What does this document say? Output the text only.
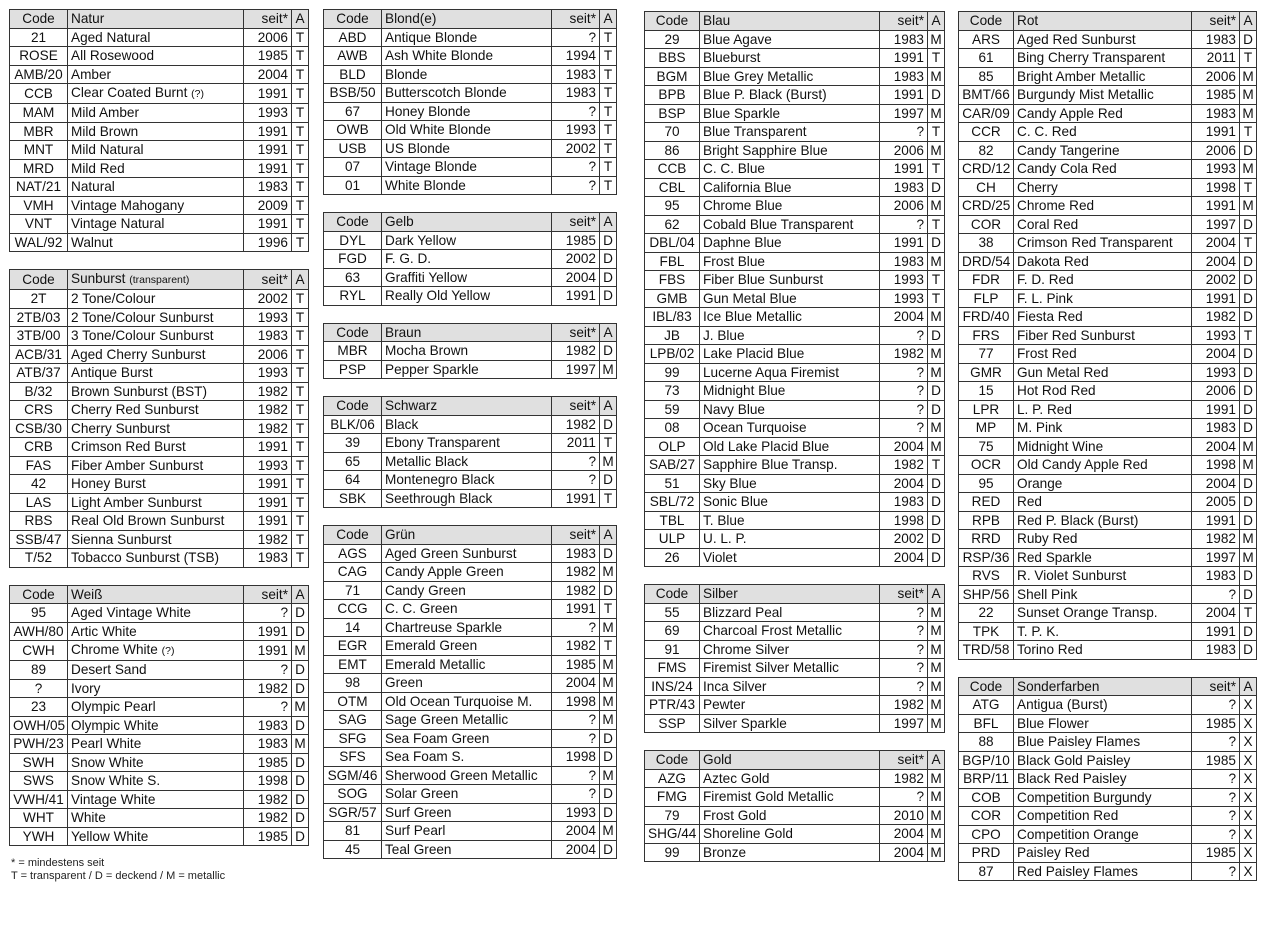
Code	Natur	seit*	A
21	Aged Natural	2006	T
ROSE	All Rosewood	1985	T
AMB/20	Amber	2004	T
CCB	Clear Coated Burnt (?)	1991	T
MAM	Mild Amber	1993	T
MBR	Mild Brown	1991	T
MNT	Mild Natural	1991	T
MRD	Mild Red	1991	T
NAT/21	Natural	1983	T
VMH	Vintage Mahogany	2009	T
VNT	Vintage Natural	1991	T
WAL/92	Walnut	1996	T
Code	Sunburst (transparent)	seit*	A
2T	2 Tone/Colour	2002	T
2TB/03	2 Tone/Colour Sunburst	1993	T
3TB/00	3 Tone/Colour Sunburst	1983	T
ACB/31	Aged Cherry Sunburst	2006	T
ATB/37	Antique Burst	1993	T
B/32	Brown Sunburst (BST)	1982	T
CRS	Cherry Red Sunburst	1982	T
CSB/30	Cherry Sunburst	1982	T
CRB	Crimson Red Burst	1991	T
FAS	Fiber Amber Sunburst	1993	T
42	Honey Burst	1991	T
LAS	Light Amber Sunburst	1991	T
RBS	Real Old Brown Sunburst	1991	T
SSB/47	Sienna Sunburst	1982	T
T/52	Tobacco Sunburst (TSB)	1983	T
Code	Weiß	seit*	A
95	Aged Vintage White	?	D
AWH/80	Artic White	1991	D
CWH	Chrome White (?)	1991	M
89	Desert Sand	?	D
?	Ivory	1982	D
23	Olympic Pearl	?	M
OWH/05	Olympic White	1983	D
PWH/23	Pearl White	1983	M
SWH	Snow White	1985	D
SWS	Snow White S.	1998	D
VWH/41	Vintage White	1982	D
WHT	White	1982	D
YWH	Yellow White	1985	D
Code	Blond(e)	seit*	A
ABD	Antique Blonde	?	T
AWB	Ash White Blonde	1994	T
BLD	Blonde	1983	T
BSB/50	Butterscotch Blonde	1983	T
67	Honey Blonde	?	T
OWB	Old White Blonde	1993	T
USB	US Blonde	2002	T
07	Vintage Blonde	?	T
01	White Blonde	?	T
Code	Gelb	seit*	A
DYL	Dark Yellow	1985	D
FGD	F. G. D.	2002	D
63	Graffiti Yellow	2004	D
RYL	Really Old Yellow	1991	D
Code	Braun	seit*	A
MBR	Mocha Brown	1982	D
PSP	Pepper Sparkle	1997	M
Code	Schwarz	seit*	A
BLK/06	Black	1982	D
39	Ebony Transparent	2011	T
65	Metallic Black	?	M
64	Montenegro Black	?	D
SBK	Seethrough Black	1991	T
Code	Grün	seit*	A
AGS	Aged Green Sunburst	1983	D
CAG	Candy Apple Green	1982	M
71	Candy Green	1982	D
CCG	C. C. Green	1991	T
14	Chartreuse Sparkle	?	M
EGR	Emerald Green	1982	T
EMT	Emerald Metallic	1985	M
98	Green	2004	M
OTM	Old Ocean Turquoise M.	1998	M
SAG	Sage Green Metallic	?	M
SFG	Sea Foam Green	?	D
SFS	Sea Foam S.	1998	D
SGM/46	Sherwood Green Metallic	?	M
SOG	Solar Green	?	D
SGR/57	Surf Green	1993	D
81	Surf Pearl	2004	M
45	Teal Green	2004	D
Code	Blau	seit*	A
29	Blue Agave	1983	M
BBS	Blueburst	1991	T
BGM	Blue Grey Metallic	1983	M
BPB	Blue P. Black (Burst)	1991	D
BSP	Blue Sparkle	1997	M
70	Blue Transparent	?	T
86	Bright Sapphire Blue	2006	M
CCB	C. C. Blue	1991	T
CBL	California Blue	1983	D
95	Chrome Blue	2006	M
62	Cobald Blue Transparent	?	T
DBL/04	Daphne Blue	1991	D
FBL	Frost Blue	1983	M
FBS	Fiber Blue Sunburst	1993	T
GMB	Gun Metal Blue	1993	T
IBL/83	Ice Blue Metallic	2004	M
JB	J. Blue	?	D
LPB/02	Lake Placid Blue	1982	M
99	Lucerne Aqua Firemist	?	M
73	Midnight Blue	?	D
59	Navy Blue	?	D
08	Ocean Turquoise	?	M
OLP	Old Lake Placid Blue	2004	M
SAB/27	Sapphire Blue Transp.	1982	T
51	Sky Blue	2004	D
SBL/72	Sonic Blue	1983	D
TBL	T. Blue	1998	D
ULP	U. L. P.	2002	D
26	Violet	2004	D
Code	Silber	seit*	A
55	Blizzard Peal	?	M
69	Charcoal Frost Metallic	?	M
91	Chrome Silver	?	M
FMS	Firemist Silver Metallic	?	M
INS/24	Inca Silver	?	M
PTR/43	Pewter	1982	M
SSP	Silver Sparkle	1997	M
Code	Gold	seit*	A
AZG	Aztec Gold	1982	M
FMG	Firemist Gold Metallic	?	M
79	Frost Gold	2010	M
SHG/44	Shoreline Gold	2004	M
99	Bronze	2004	M
Code	Rot	seit*	A
ARS	Aged Red Sunburst	1983	D
61	Bing Cherry Transparent	2011	T
85	Bright Amber Metallic	2006	M
BMT/66	Burgundy Mist Metallic	1985	M
CAR/09	Candy Apple Red	1983	M
CCR	C. C. Red	1991	T
82	Candy Tangerine	2006	D
CRD/12	Candy Cola Red	1993	M
CH	Cherry	1998	T
CRD/25	Chrome Red	1991	M
COR	Coral Red	1997	D
38	Crimson Red Transparent	2004	T
DRD/54	Dakota Red	2004	D
FDR	F. D. Red	2002	D
FLP	F. L. Pink	1991	D
FRD/40	Fiesta Red	1982	D
FRS	Fiber Red Sunburst	1993	T
77	Frost Red	2004	D
GMR	Gun Metal Red	1993	D
15	Hot Rod Red	2006	D
LPR	L. P. Red	1991	D
MP	M. Pink	1983	D
75	Midnight Wine	2004	M
OCR	Old Candy Apple Red	1998	M
95	Orange	2004	D
RED	Red	2005	D
RPB	Red P. Black (Burst)	1991	D
RRD	Ruby Red	1982	M
RSP/36	Red Sparkle	1997	M
RVS	R. Violet Sunburst	1983	D
SHP/56	Shell Pink	?	D
22	Sunset Orange Transp.	2004	T
TPK	T. P. K.	1991	D
TRD/58	Torino Red	1983	D
Code	Sonderfarben	seit*	A
ATG	Antigua (Burst)	?	X
BFL	Blue Flower	1985	X
88	Blue Paisley Flames	?	X
BGP/10	Black Gold Paisley	1985	X
BRP/11	Black Red Paisley	?	X
COB	Competition Burgundy	?	X
COR	Competition Red	?	X
CPO	Competition Orange	?	X
PRD	Paisley Red	1985	X
87	Red Paisley Flames	?	X
* = mindestens seit
T = transparent / D = deckend / M = metallic
